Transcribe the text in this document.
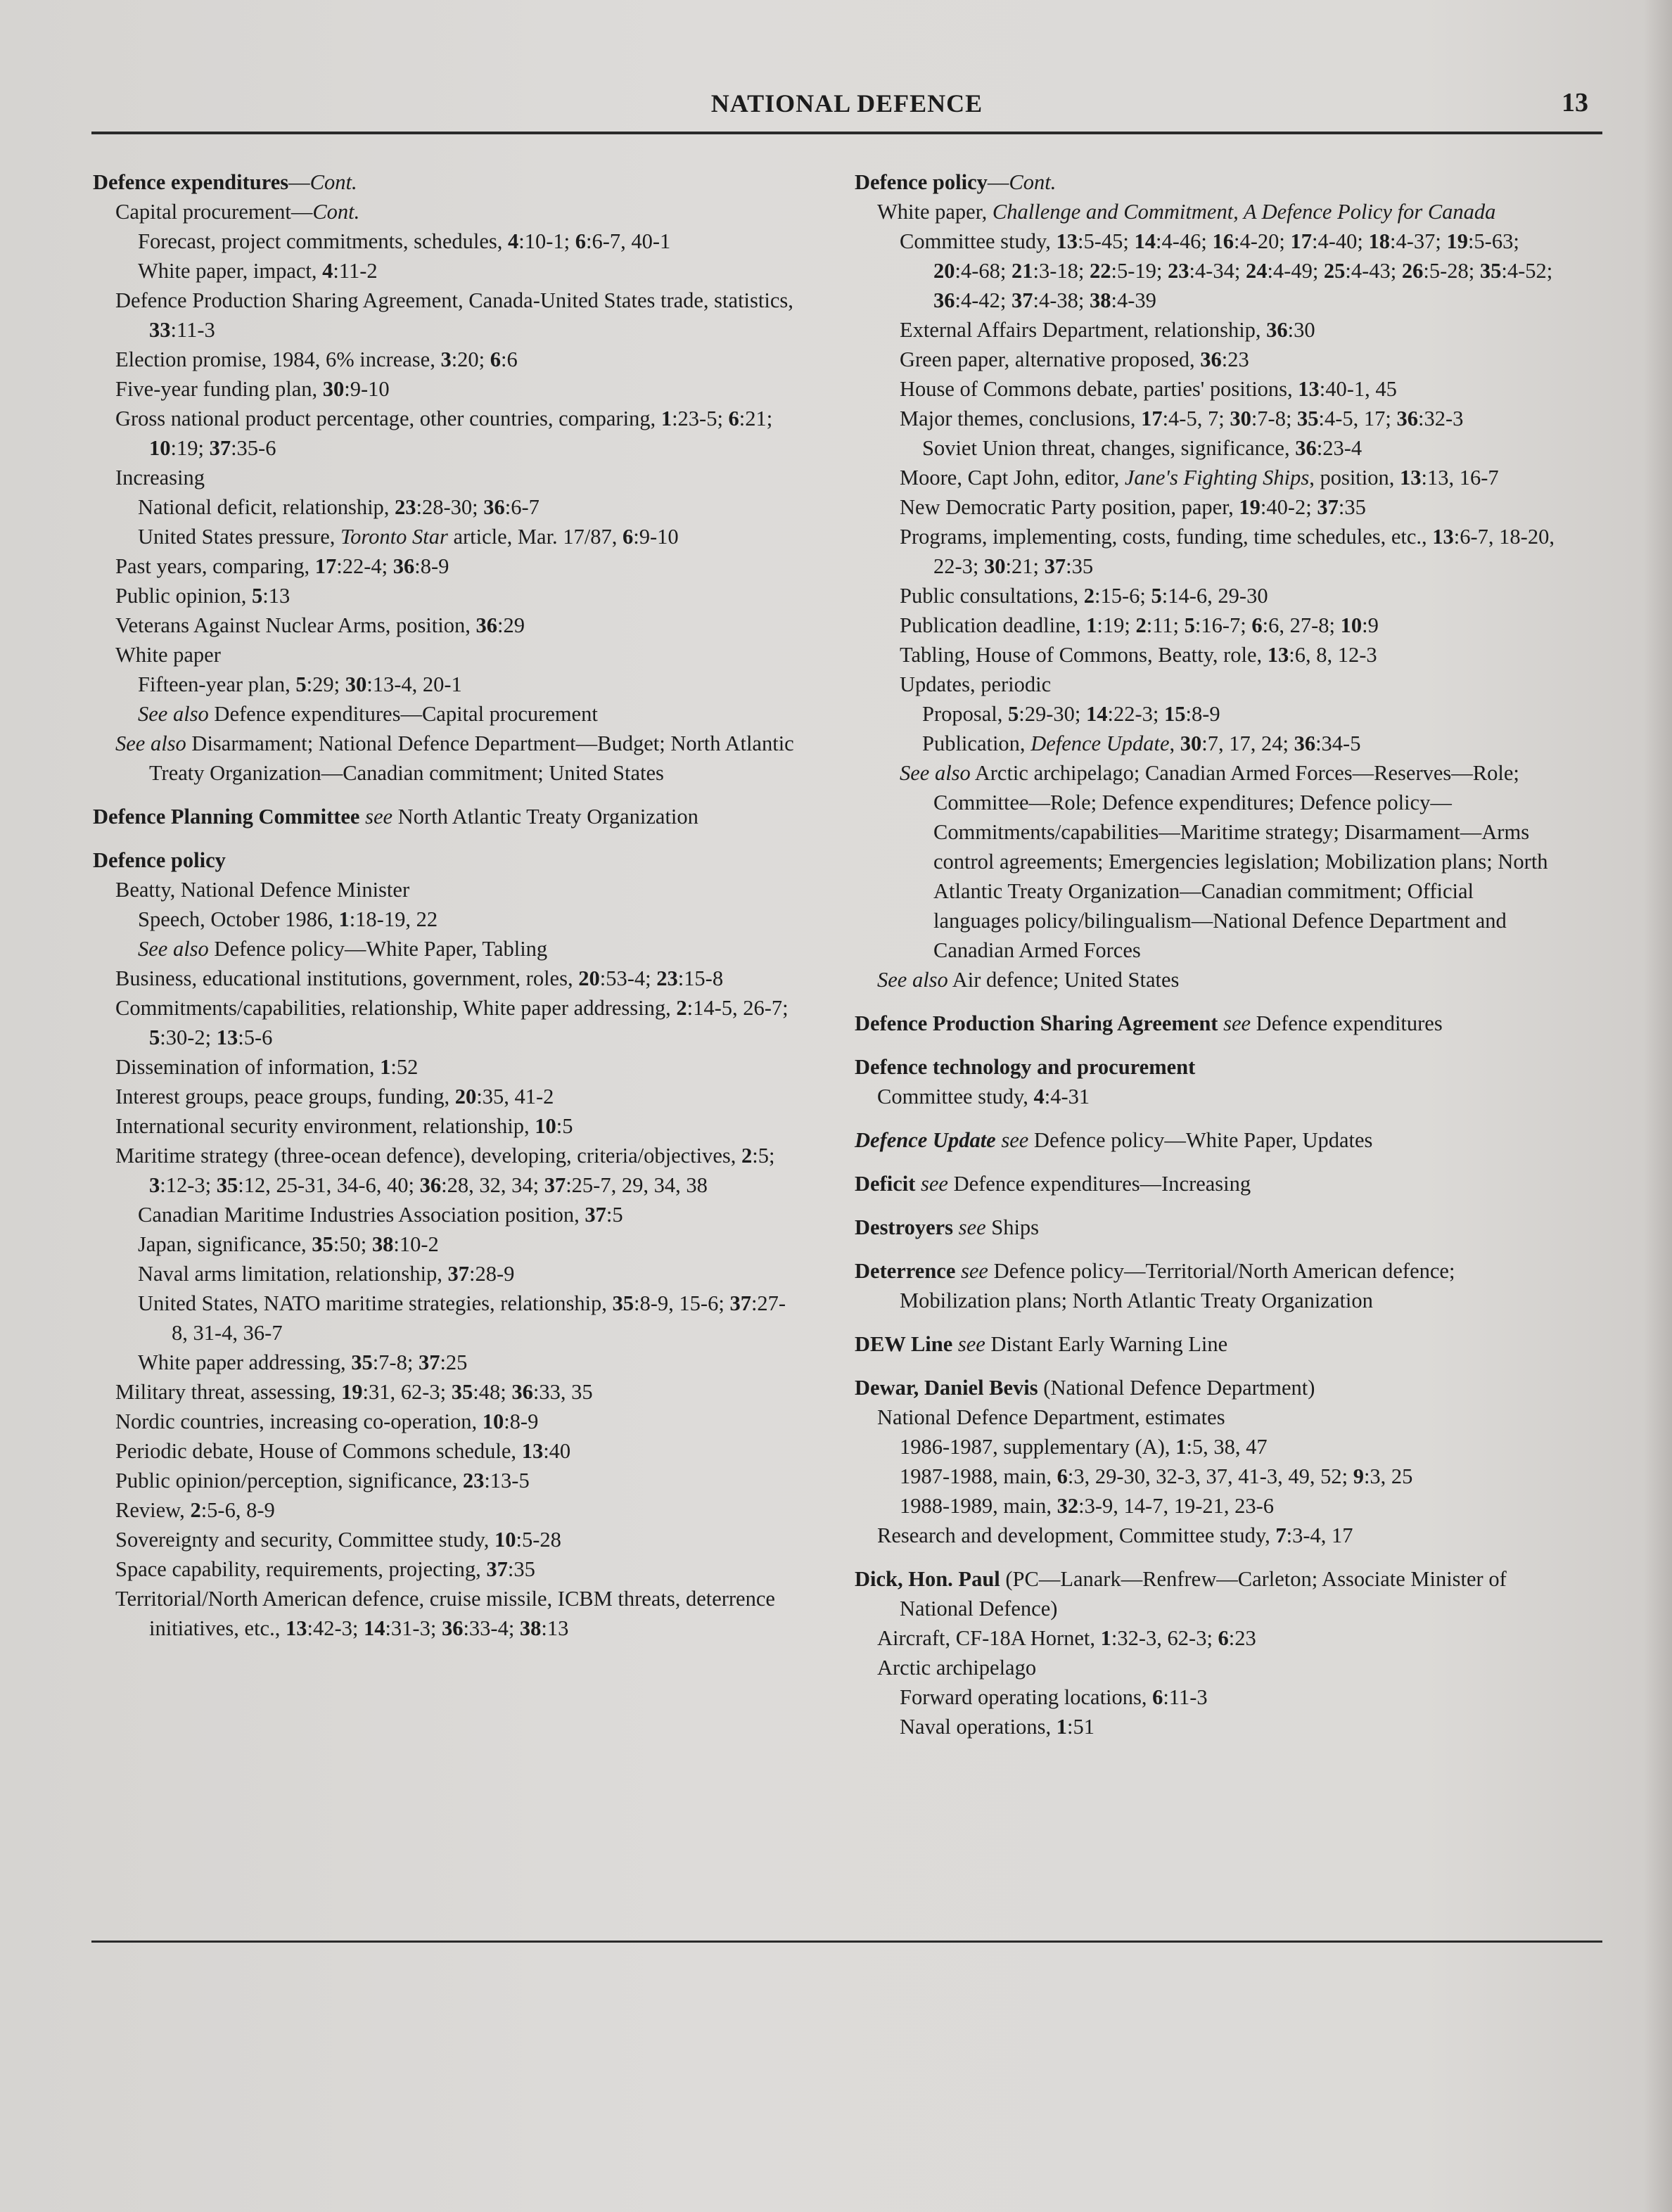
NATIONAL DEFENCE	13
Defence expenditures—Cont.
Capital procurement—Cont.
Forecast, project commitments, schedules, 4:10-1; 6:6-7, 40-1
White paper, impact, 4:11-2
Defence Production Sharing Agreement, Canada-United States trade, statistics, 33:11-3
Election promise, 1984, 6% increase, 3:20; 6:6
Five-year funding plan, 30:9-10
Gross national product percentage, other countries, comparing, 1:23-5; 6:21; 10:19; 37:35-6
Increasing
National deficit, relationship, 23:28-30; 36:6-7
United States pressure, Toronto Star article, Mar. 17/87, 6:9-10
Past years, comparing, 17:22-4; 36:8-9
Public opinion, 5:13
Veterans Against Nuclear Arms, position, 36:29
White paper
Fifteen-year plan, 5:29; 30:13-4, 20-1
See also Defence expenditures—Capital procurement
See also Disarmament; National Defence Department—Budget; North Atlantic Treaty Organization—Canadian commitment; United States
Defence Planning Committee see North Atlantic Treaty Organization
Defence policy
Beatty, National Defence Minister
Speech, October 1986, 1:18-19, 22
See also Defence policy—White Paper, Tabling
Business, educational institutions, government, roles, 20:53-4; 23:15-8
Commitments/capabilities, relationship, White paper addressing, 2:14-5, 26-7; 5:30-2; 13:5-6
Dissemination of information, 1:52
Interest groups, peace groups, funding, 20:35, 41-2
International security environment, relationship, 10:5
Maritime strategy (three-ocean defence), developing, criteria/objectives, 2:5; 3:12-3; 35:12, 25-31, 34-6, 40; 36:28, 32, 34; 37:25-7, 29, 34, 38
Canadian Maritime Industries Association position, 37:5
Japan, significance, 35:50; 38:10-2
Naval arms limitation, relationship, 37:28-9
United States, NATO maritime strategies, relationship, 35:8-9, 15-6; 37:27-8, 31-4, 36-7
White paper addressing, 35:7-8; 37:25
Military threat, assessing, 19:31, 62-3; 35:48; 36:33, 35
Nordic countries, increasing co-operation, 10:8-9
Periodic debate, House of Commons schedule, 13:40
Public opinion/perception, significance, 23:13-5
Review, 2:5-6, 8-9
Sovereignty and security, Committee study, 10:5-28
Space capability, requirements, projecting, 37:35
Territorial/North American defence, cruise missile, ICBM threats, deterrence initiatives, etc., 13:42-3; 14:31-3; 36:33-4; 38:13
Defence policy—Cont.
White paper, Challenge and Commitment, A Defence Policy for Canada
Committee study, 13:5-45; 14:4-46; 16:4-20; 17:4-40; 18:4-37; 19:5-63; 20:4-68; 21:3-18; 22:5-19; 23:4-34; 24:4-49; 25:4-43; 26:5-28; 35:4-52; 36:4-42; 37:4-38; 38:4-39
External Affairs Department, relationship, 36:30
Green paper, alternative proposed, 36:23
House of Commons debate, parties' positions, 13:40-1, 45
Major themes, conclusions, 17:4-5, 7; 30:7-8; 35:4-5, 17; 36:32-3
Soviet Union threat, changes, significance, 36:23-4
Moore, Capt John, editor, Jane's Fighting Ships, position, 13:13, 16-7
New Democratic Party position, paper, 19:40-2; 37:35
Programs, implementing, costs, funding, time schedules, etc., 13:6-7, 18-20, 22-3; 30:21; 37:35
Public consultations, 2:15-6; 5:14-6, 29-30
Publication deadline, 1:19; 2:11; 5:16-7; 6:6, 27-8; 10:9
Tabling, House of Commons, Beatty, role, 13:6, 8, 12-3
Updates, periodic
Proposal, 5:29-30; 14:22-3; 15:8-9
Publication, Defence Update, 30:7, 17, 24; 36:34-5
See also Arctic archipelago; Canadian Armed Forces—Reserves—Role; Committee—Role; Defence expenditures; Defence policy—Commitments/capabilities—Maritime strategy; Disarmament—Arms control agreements; Emergencies legislation; Mobilization plans; North Atlantic Treaty Organization—Canadian commitment; Official languages policy/bilingualism—National Defence Department and Canadian Armed Forces
See also Air defence; United States
Defence Production Sharing Agreement see Defence expenditures
Defence technology and procurement
Committee study, 4:4-31
Defence Update see Defence policy—White Paper, Updates
Deficit see Defence expenditures—Increasing
Destroyers see Ships
Deterrence see Defence policy—Territorial/North American defence; Mobilization plans; North Atlantic Treaty Organization
DEW Line see Distant Early Warning Line
Dewar, Daniel Bevis (National Defence Department)
National Defence Department, estimates
1986-1987, supplementary (A), 1:5, 38, 47
1987-1988, main, 6:3, 29-30, 32-3, 37, 41-3, 49, 52; 9:3, 25
1988-1989, main, 32:3-9, 14-7, 19-21, 23-6
Research and development, Committee study, 7:3-4, 17
Dick, Hon. Paul (PC—Lanark—Renfrew—Carleton; Associate Minister of National Defence)
Aircraft, CF-18A Hornet, 1:32-3, 62-3; 6:23
Arctic archipelago
Forward operating locations, 6:11-3
Naval operations, 1:51
